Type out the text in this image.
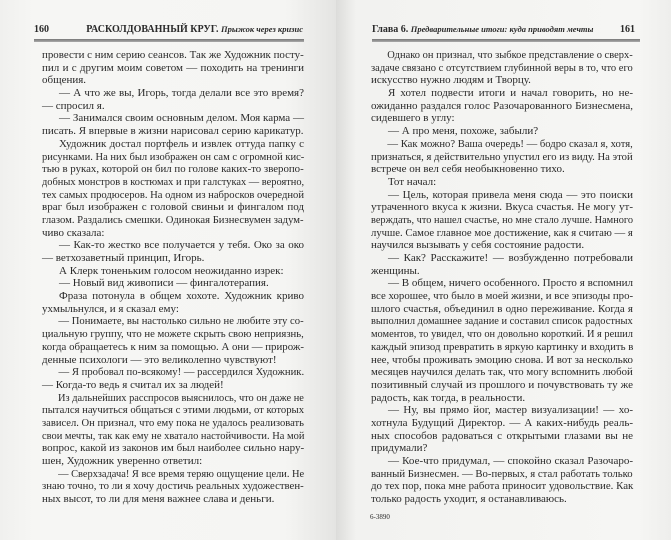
160	РАСКОЛДОВАННЫЙ КРУГ. Прыжок через кризис
провести с ним серию сеансов. Так же Художник посту-
пил и с другим моим советом — походить на тренинги
общения.
— А что же вы, Игорь, тогда делали все это время?
— спросил я.
— Занимался своим основным делом. Моя карма —
писать. Я впервые в жизни нарисовал серию карикатур.
Художник достал портфель и извлек оттуда папку с
рисунками. На них был изображен он сам с огромной кис-
тью в руках, которой он бил по голове каких-то зверопо-
добных монстров в костюмах и при галстуках — вероятно,
тех самых продюсеров. На одном из набросков очередной
враг был изображен с головой свиньи и фингалом под
глазом. Раздались смешки. Одинокая Бизнесвумен задум-
чиво сказала:
— Как-то жестко все получается у тебя. Око за око
— ветхозаветный принцип, Игорь.
А Клерк тоненьким голосом неожиданно изрек:
— Новый вид живописи — фингалотерапия.
Фраза потонула в общем хохоте. Художник криво
ухмыльнулся, и я сказал ему:
— Понимаете, вы настолько сильно не любите эту со-
циальную группу, что не можете скрыть свою неприязнь,
когда обращаетесь к ним за помощью. А они — прирож-
денные психологи — это великолепно чувствуют!
— Я пробовал по-всякому! — рассердился Художник.
— Когда-то ведь я считал их за людей!
Из дальнейших расспросов выяснилось, что он даже не
пытался научиться общаться с этими людьми, от которых
зависел. Он признал, что ему пока не удалось реализовать
свои мечты, так как ему не хватало настойчивости. На мой
вопрос, какой из законов им был наиболее сильно нару-
шен, Художник уверенно ответил:
— Сверхзадача! Я все время теряю ощущение цели. Не
знаю точно, то ли я хочу достичь реальных художествен-
ных высот, то ли для меня важнее слава и деньги.
Глава 6. Предварительные итоги: куда приводят мечты	161
Однако он признал, что зыбкое представление о сверх-
задаче связано с отсутствием глубинной веры в то, что его
искусство нужно людям и Творцу.
Я хотел подвести итоги и начал говорить, но не-
ожиданно раздался голос Разочарованного Бизнесмена,
сидевшего в углу:
— А про меня, похоже, забыли?
— Как можно? Ваша очередь! — бодро сказал я, хотя,
признаться, я действительно упустил его из виду. На этой
встрече он вел себя необыкновенно тихо.
Тот начал:
— Цель, которая привела меня сюда — это поиски
утраченного вкуса к жизни. Вкуса счастья. Не могу ут-
верждать, что нашел счастье, но мне стало лучше. Намного
лучше. Самое главное мое достижение, как я считаю — я
научился вызывать у себя состояние радости.
— Как? Расскажите! — возбужденно потребовали
женщины.
— В общем, ничего особенного. Просто я вспомнил
все хорошее, что было в моей жизни, и все эпизоды про-
шлого счастья, объединил в одно переживание. Когда я
выполнил домашнее задание и составил список радостных
моментов, то увидел, что он довольно короткий. И я решил
каждый эпизод превратить в яркую картинку и входить в
нее, чтобы проживать эмоцию снова. И вот за несколько
месяцев научился делать так, что могу вспомнить любой
позитивный случай из прошлого и почувствовать ту же
радость, как тогда, в реальности.
— Ну, вы прямо йог, мастер визуализации! — хо-
хотнула Будущий Директор. — А каких-нибудь реаль-
ных способов радоваться с открытыми глазами вы не
придумали?
— Кое-что придумал, — спокойно сказал Разочаро-
ванный Бизнесмен. — Во-первых, я стал работать только
до тех пор, пока мне работа приносит удовольствие. Как
только радость уходит, я останавливаюсь.
6-3890
